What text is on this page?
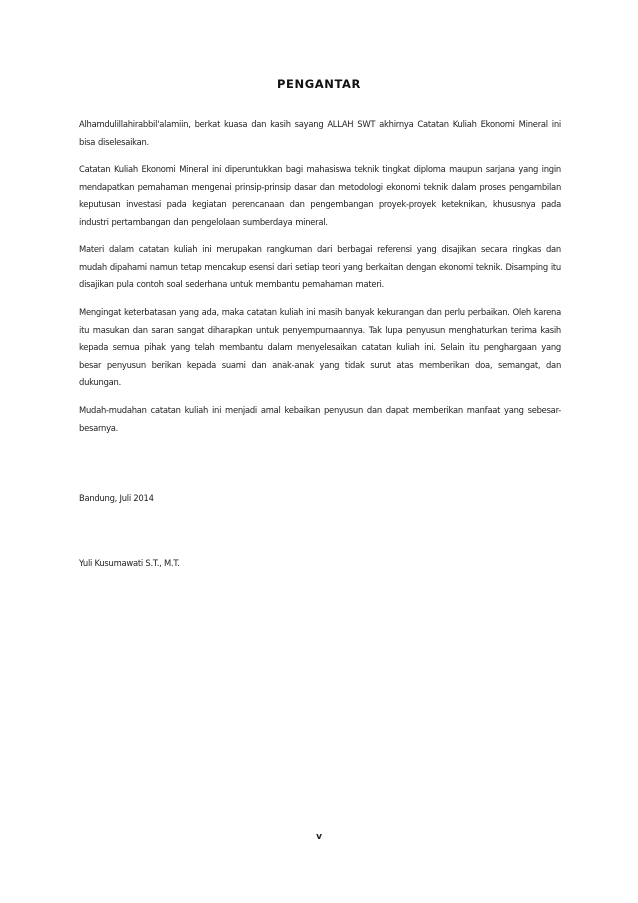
PENGANTAR

Alhamdulillahirabbil'alamiin, berkat kuasa dan kasih sayang ALLAH SWT akhirnya Catatan Kuliah Ekonomi Mineral ini bisa diselesaikan.

Catatan Kuliah Ekonomi Mineral ini diperuntukkan bagi mahasiswa teknik tingkat diploma maupun sarjana yang ingin mendapatkan pemahaman mengenai prinsip-prinsip dasar dan metodologi ekonomi teknik dalam proses pengambilan keputusan investasi pada kegiatan perencanaan dan pengembangan proyek-proyek keteknikan, khususnya pada industri pertambangan dan pengelolaan sumberdaya mineral.

Materi dalam catatan kuliah ini merupakan rangkuman dari berbagai referensi yang disajikan secara ringkas dan mudah dipahami namun tetap mencakup esensi dari setiap teori yang berkaitan dengan ekonomi teknik. Disamping itu disajikan pula contoh soal sederhana untuk membantu pemahaman materi.

Mengingat keterbatasan yang ada, maka catatan kuliah ini masih banyak kekurangan dan perlu perbaikan. Oleh karena itu masukan dan saran sangat diharapkan untuk penyempurnaannya. Tak lupa penyusun menghaturkan terima kasih kepada semua pihak yang telah membantu dalam menyelesaikan catatan kuliah ini. Selain itu penghargaan yang besar penyusun berikan kepada suami dan anak-anak yang tidak surut atas memberikan doa, semangat, dan dukungan.

Mudah-mudahan catatan kuliah ini menjadi amal kebaikan penyusun dan dapat memberikan manfaat yang sebesar-besarnya.

Bandung, Juli 2014

Yuli Kusumawati S.T., M.T.

v
